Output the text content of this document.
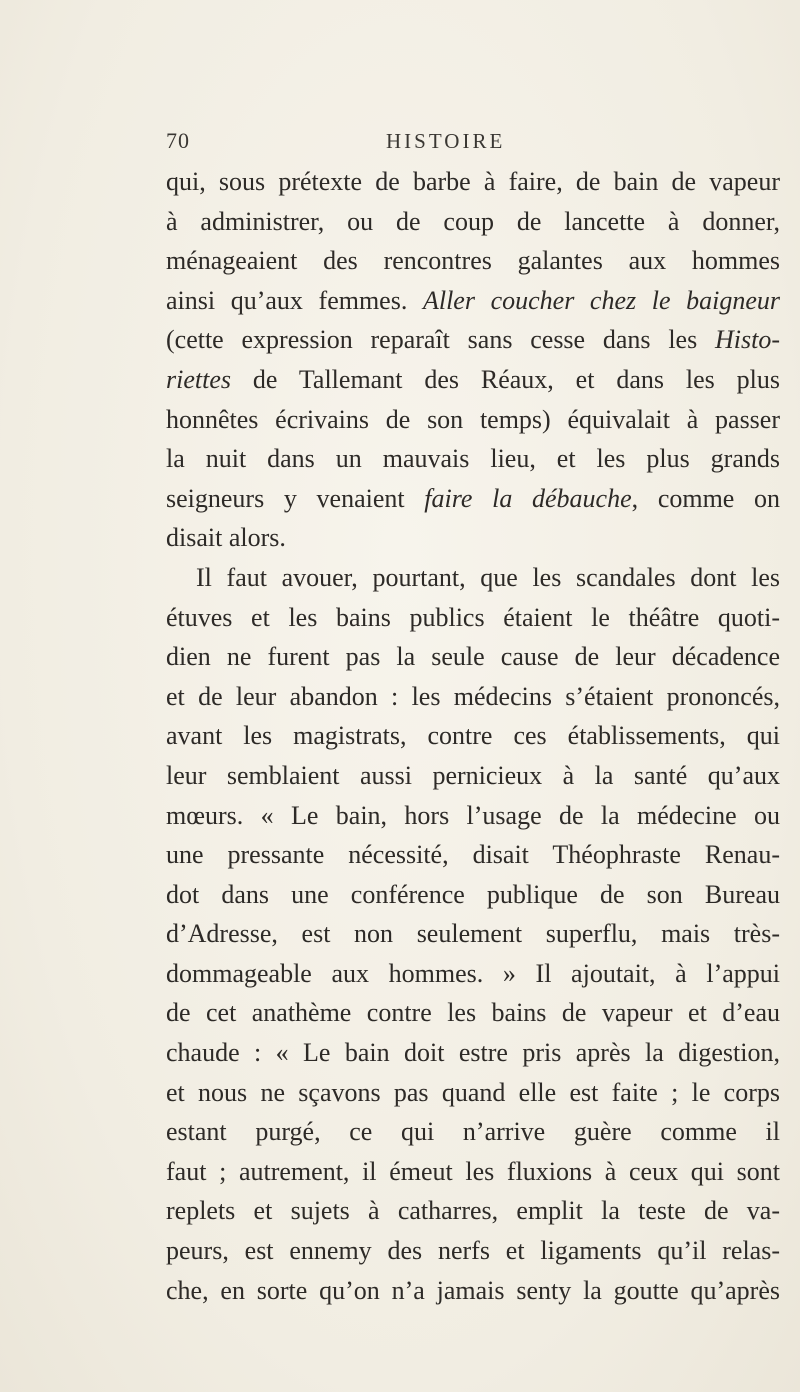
70	HISTOIRE
qui, sous prétexte de barbe à faire, de bain de vapeur
à administrer, ou de coup de lancette à donner,
ménageaient des rencontres galantes aux hommes
ainsi qu’aux femmes. Aller coucher chez le baigneur
(cette expression reparaît sans cesse dans les Histo-
riettes de Tallemant des Réaux, et dans les plus
honnêtes écrivains de son temps) équivalait à passer
la nuit dans un mauvais lieu, et les plus grands
seigneurs y venaient faire la débauche, comme on
disait alors.
Il faut avouer, pourtant, que les scandales dont les
étuves et les bains publics étaient le théâtre quoti-
dien ne furent pas la seule cause de leur décadence
et de leur abandon : les médecins s’étaient prononcés,
avant les magistrats, contre ces établissements, qui
leur semblaient aussi pernicieux à la santé qu’aux
mœurs. « Le bain, hors l’usage de la médecine ou
une pressante nécessité, disait Théophraste Renau-
dot dans une conférence publique de son Bureau
d’Adresse, est non seulement superflu, mais très-
dommageable aux hommes. » Il ajoutait, à l’appui
de cet anathème contre les bains de vapeur et d’eau
chaude : « Le bain doit estre pris après la digestion,
et nous ne sçavons pas quand elle est faite ; le corps
estant purgé, ce qui n’arrive guère comme il
faut ; autrement, il émeut les fluxions à ceux qui sont
replets et sujets à catharres, emplit la teste de va-
peurs, est ennemy des nerfs et ligaments qu’il relas-
che, en sorte qu’on n’a jamais senty la goutte qu’après
